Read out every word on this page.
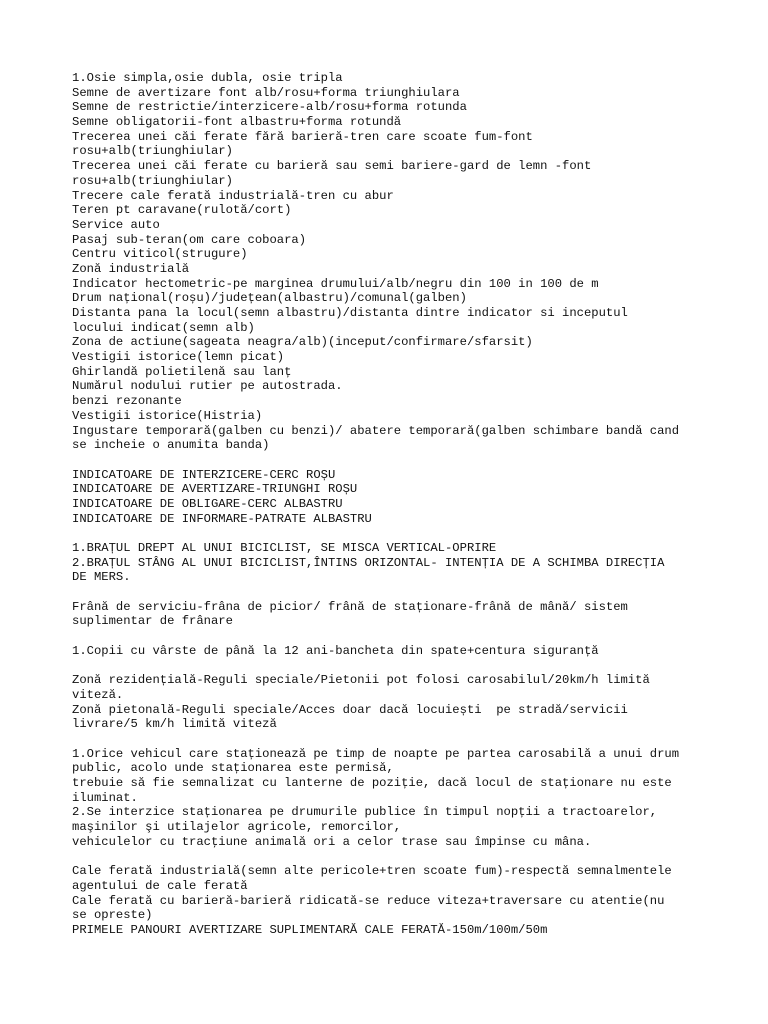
1.Osie simpla,osie dubla, osie tripla
Semne de avertizare font alb/rosu+forma triunghiulara
Semne de restrictie/interzicere-alb/rosu+forma rotunda
Semne obligatorii-font albastru+forma rotundă
Trecerea unei căi ferate fără barieră-tren care scoate fum-font
rosu+alb(triunghiular)
Trecerea unei căi ferate cu barieră sau semi bariere-gard de lemn -font
rosu+alb(triunghiular)
Trecere cale ferată industrială-tren cu abur
Teren pt caravane(rulotă/cort)
Service auto
Pasaj sub-teran(om care coboara)
Centru viticol(strugure)
Zonă industrială
Indicator hectometric-pe marginea drumului/alb/negru din 100 in 100 de m
Drum național(roșu)/județean(albastru)/comunal(galben)
Distanta pana la locul(semn albastru)/distanta dintre indicator si inceputul
locului indicat(semn alb)
Zona de actiune(sageata neagra/alb)(inceput/confirmare/sfarsit)
Vestigii istorice(lemn picat)
Ghirlandă polietilenă sau lanț
Numărul nodului rutier pe autostrada.
benzi rezonante
Vestigii istorice(Histria)
Ingustare temporară(galben cu benzi)/ abatere temporară(galben schimbare bandă cand
se incheie o anumita banda)
INDICATOARE DE INTERZICERE-CERC ROȘU
INDICATOARE DE AVERTIZARE-TRIUNGHI ROȘU
INDICATOARE DE OBLIGARE-CERC ALBASTRU
INDICATOARE DE INFORMARE-PATRATE ALBASTRU
1.BRAȚUL DREPT AL UNUI BICICLIST, SE MISCA VERTICAL-OPRIRE
2.BRAȚUL STÂNG AL UNUI BICICLIST,ÎNTINS ORIZONTAL- INTENȚIA DE A SCHIMBA DIRECȚIA
DE MERS.
Frână de serviciu-frâna de picior/ frână de staționare-frână de mână/ sistem
suplimentar de frânare
1.Copii cu vârste de până la 12 ani-bancheta din spate+centura siguranță
Zonă rezidențială-Reguli speciale/Pietonii pot folosi carosabilul/20km/h limită
viteză.
Zonă pietonală-Reguli speciale/Acces doar dacă locuiești  pe stradă/servicii
livrare/5 km/h limită viteză
1.Orice vehicul care staționează pe timp de noapte pe partea carosabilă a unui drum
public, acolo unde staționarea este permisă,
trebuie să fie semnalizat cu lanterne de poziție, dacă locul de staționare nu este
iluminat.
2.Se interzice staționarea pe drumurile publice în timpul nopții a tractoarelor,
maşinilor şi utilajelor agricole, remorcilor,
vehiculelor cu tracţiune animală ori a celor trase sau împinse cu mâna.
Cale ferată industrială(semn alte pericole+tren scoate fum)-respectă semnalmentele
agentului de cale ferată
Cale ferată cu barieră-barieră ridicată-se reduce viteza+traversare cu atentie(nu
se opreste)
PRIMELE PANOURI AVERTIZARE SUPLIMENTARĂ CALE FERATĂ-150m/100m/50m
